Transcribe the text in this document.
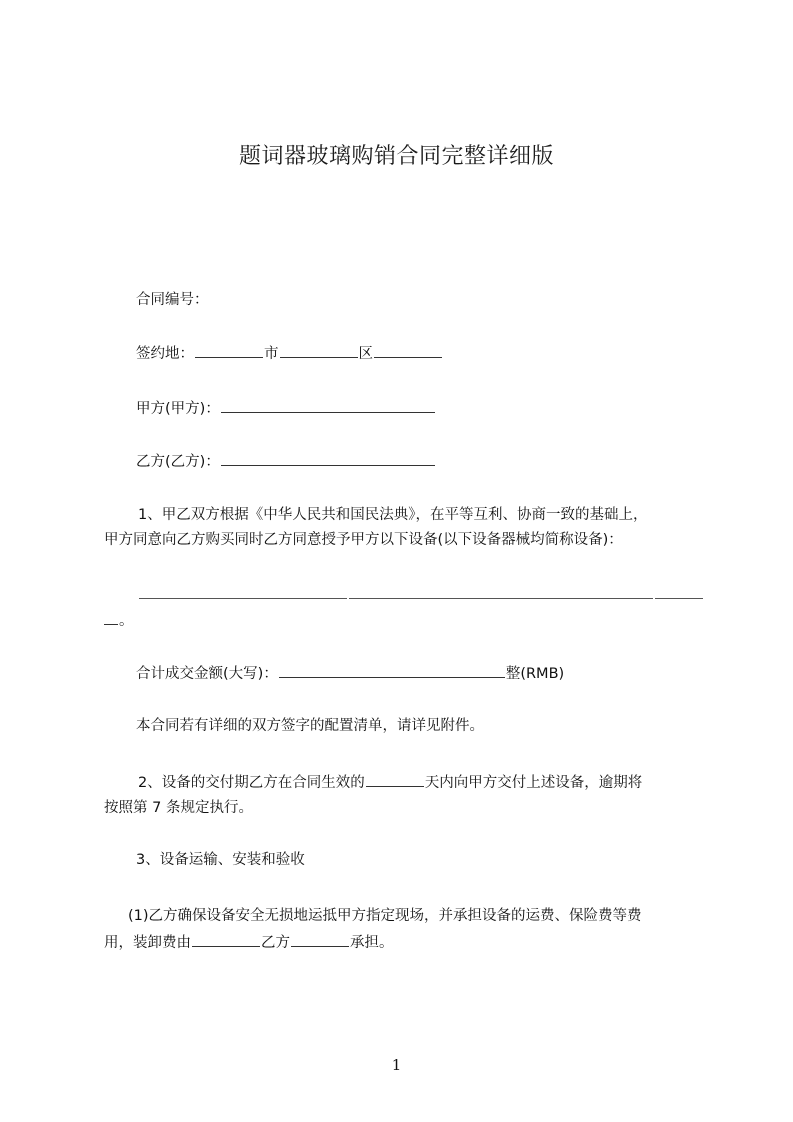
题词器玻璃购销合同完整详细版
合同编号：
签约地：	市	区
甲方(甲方)：
乙方(乙方)：
1、甲乙双方根据《中华人民共和国民法典》，在平等互利、协商一致的基础上，
甲方同意向乙方购买同时乙方同意授予甲方以下设备(以下设备器械均简称设备)：
。
合计成交金额(大写)：	整(RMB)
本合同若有详细的双方签字的配置清单，请详见附件。
2、设备的交付期乙方在合同生效的	天内向甲方交付上述设备，逾期将
按照第 7 条规定执行。
3、设备运输、安装和验收
(1)乙方确保设备安全无损地运抵甲方指定现场，并承担设备的运费、保险费等费
用，装卸费由	乙方	承担。
1
